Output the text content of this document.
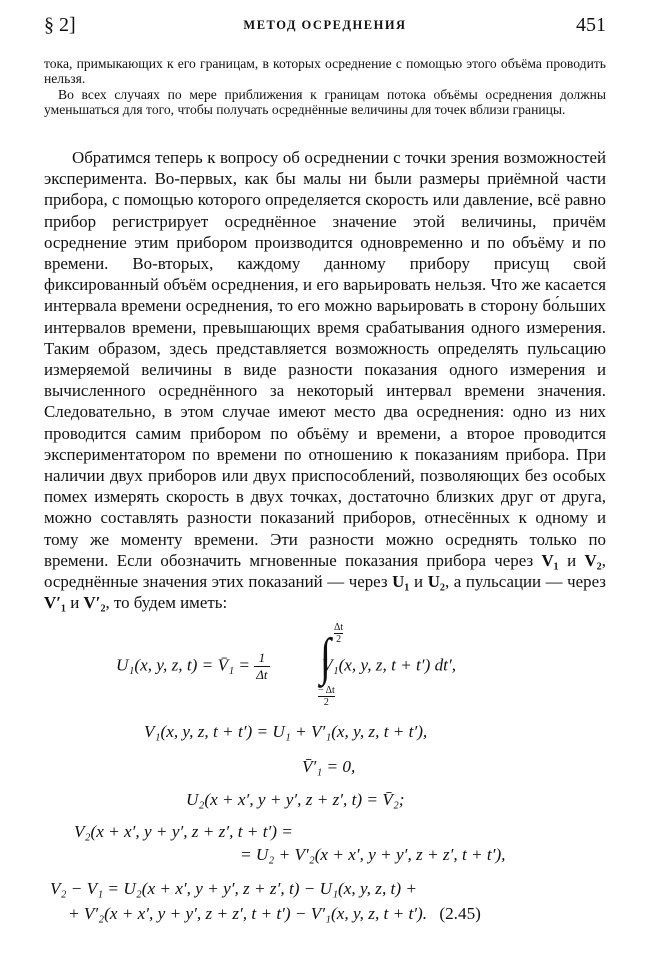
§ 2]	МЕТОД ОСРЕДНЕНИЯ	451
тока, примыкающих к его границам, в которых осреднение с помощью этого объёма проводить нельзя.
Во всех случаях по мере приближения к границам потока объёмы осреднения должны уменьшаться для того, чтобы получать осреднённые величины для точек вблизи границы.

Обратимся теперь к вопросу об осреднении с точки зрения возможностей эксперимента. Во-первых, как бы малы ни были размеры приёмной части прибора, с помощью которого определяется скорость или давление, всё равно прибор регистрирует осреднённое значение этой величины, причём осреднение этим прибором производится одновременно и по объёму и по времени. Во-вторых, каждому данному прибору присущ свой фиксированный объём осреднения, и его варьировать нельзя. Что же касается интервала времени осреднения, то его можно варьировать в сторону бо́льших интервалов времени, превышающих время срабатывания одного измерения. Таким образом, здесь представляется возможность определять пульсацию измеряемой величины в виде разности показания одного измерения и вычисленного осреднённого за некоторый интервал времени значения. Следовательно, в этом случае имеют место два осреднения: одно из них проводится самим прибором по объёму и времени, а второе проводится экспериментатором по времени по отношению к показаниям прибора. При наличии двух приборов или двух приспособлений, позволяющих без особых помех измерять скорость в двух точках, достаточно близких друг от друга, можно составлять разности показаний приборов, отнесённых к одному и тому же моменту времени. Эти разности можно осреднять только по времени. Если обозначить мгновенные показания прибора через V₁ и V₂, осреднённые значения этих показаний — через U₁ и U₂, а пульсации — через V′₁ и V′₂, то будем иметь:

U₁(x, y, z, t) = V̄₁ = $\frac{1}{\Delta t}$	V₁(x, y, z, t + t′) dt′,
∫ Δt
2
− Δt
2
V₁(x, y, z, t + t′) = U₁ + V′₁(x, y, z, t + t′),
V̄′₁ = 0,
U₂(x + x′, y + y′, z + z′, t) = V̄₂;
V₂(x + x′, y + y′, z + z′, t + t′) =
= U₂ + V′₂(x + x′, y + y′, z + z′, t + t′),
V₂ − V₁ = U₂(x + x′, y + y′, z + z′, t) − U₁(x, y, z, t) +
+ V′₂(x + x′, y + y′, z + z′, t + t′) − V′₁(x, y, z, t + t′). (2.45)
